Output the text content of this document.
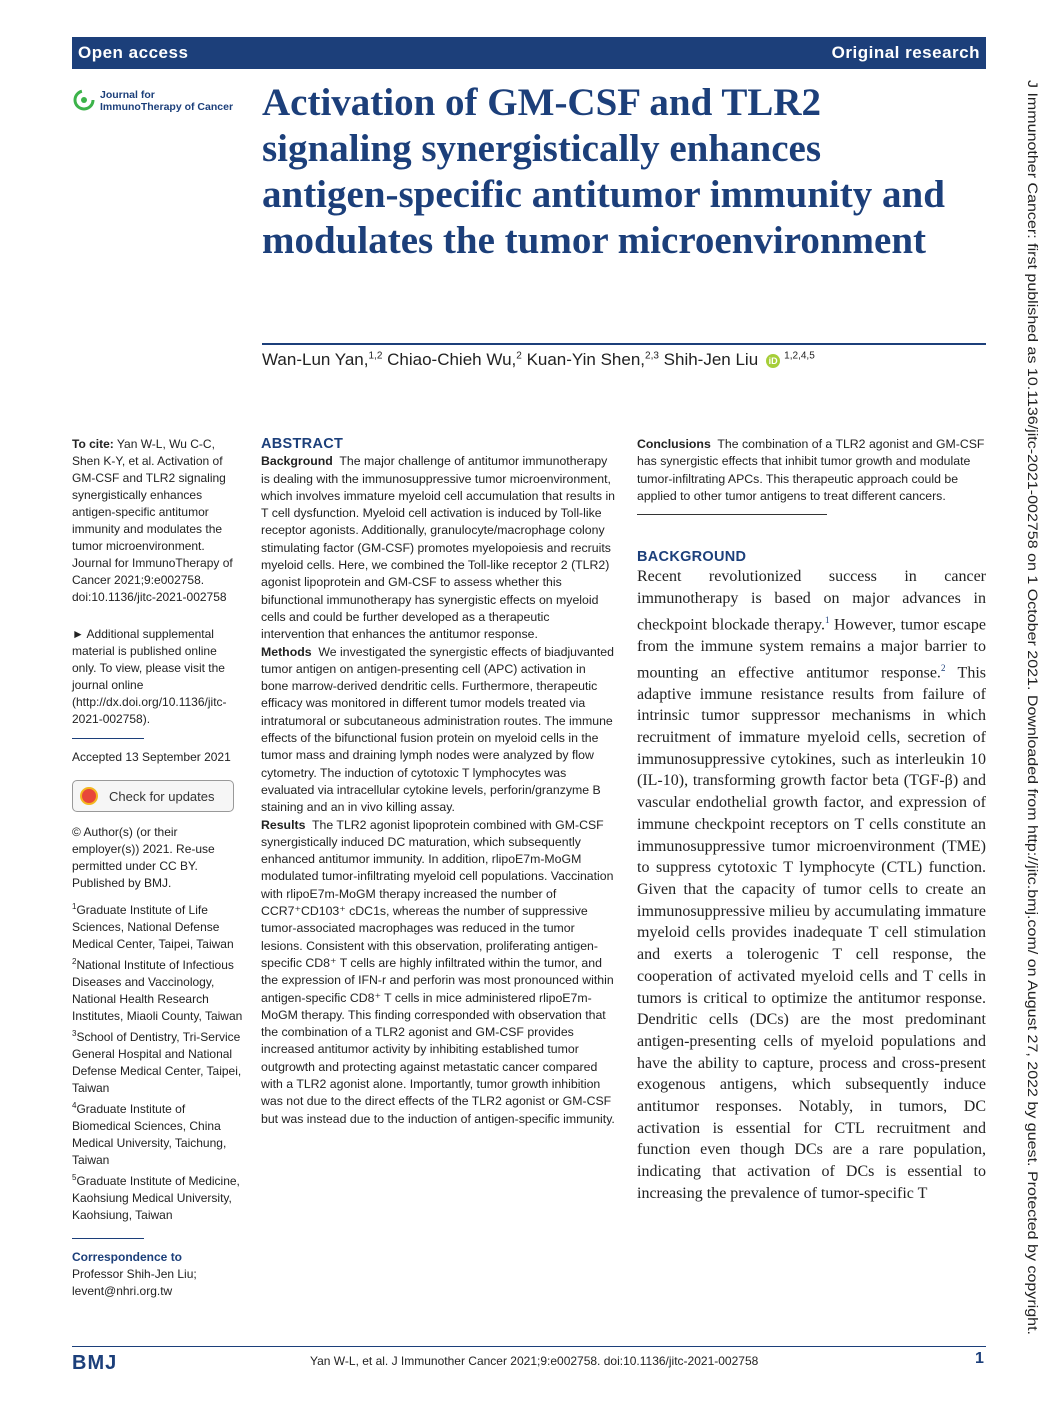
Open access	Original research
Journal for
ImmunoTherapy of Cancer Activation of GM-CSF and TLR2 signaling synergistically enhances antigen-specific antitumor immunity and modulates the tumor microenvironment
Wan-Lun Yan,$^{1,2}$ Chiao-Chieh Wu,$^2$ Kuan-Yin Shen,$^{2,3}$ Shih-Jen Liu iD $^{1,2,4,5}$

To cite: Yan W-L, Wu C-C, Shen K-Y, et al. Activation of GM-CSF and TLR2 signaling synergistically enhances antigen-specific antitumor immunity and modulates the tumor microenvironment. Journal for ImmunoTherapy of Cancer 2021;9:e002758. doi:10.1136/jitc-2021-002758

► Additional supplemental material is published online only. To view, please visit the journal online (http://dx.doi.org/10.1136/jitc-2021-002758).

Accepted 13 September 2021

Check for updates

© Author(s) (or their employer(s)) 2021. Re-use permitted under CC BY. Published by BMJ.

$^1$Graduate Institute of Life Sciences, National Defense Medical Center, Taipei, Taiwan

$^2$National Institute of Infectious Diseases and Vaccinology, National Health Research Institutes, Miaoli County, Taiwan

$^3$School of Dentistry, Tri-Service General Hospital and National Defense Medical Center, Taipei, Taiwan

$^4$Graduate Institute of Biomedical Sciences, China Medical University, Taichung, Taiwan

$^5$Graduate Institute of Medicine, Kaohsiung Medical University, Kaohsiung, Taiwan

Correspondence to

Professor Shih-Jen Liu;

levent@nhri.org.tw

ABSTRACT

Background The major challenge of antitumor immunotherapy is dealing with the immunosuppressive tumor microenvironment, which involves immature myeloid cell accumulation that results in T cell dysfunction. Myeloid cell activation is induced by Toll-like receptor agonists. Additionally, granulocyte/macrophage colony stimulating factor (GM-CSF) promotes myelopoiesis and recruits myeloid cells. Here, we combined the Toll-like receptor 2 (TLR2) agonist lipoprotein and GM-CSF to assess whether this bifunctional immunotherapy has synergistic effects on myeloid cells and could be further developed as a therapeutic intervention that enhances the antitumor response.

Methods We investigated the synergistic effects of biadjuvanted tumor antigen on antigen-presenting cell (APC) activation in bone marrow-derived dendritic cells. Furthermore, therapeutic efficacy was monitored in different tumor models treated via intratumoral or subcutaneous administration routes. The immune effects of the bifunctional fusion protein on myeloid cells in the tumor mass and draining lymph nodes were analyzed by flow cytometry. The induction of cytotoxic T lymphocytes was evaluated via intracellular cytokine levels, perforin/granzyme B staining and an in vivo killing assay.

Results The TLR2 agonist lipoprotein combined with GM-CSF synergistically induced DC maturation, which subsequently enhanced antitumor immunity. In addition, rlipoE7m-MoGM modulated tumor-infiltrating myeloid cell populations. Vaccination with rlipoE7m-MoGM therapy increased the number of CCR7⁺CD103⁺ cDC1s, whereas the number of suppressive tumor-associated macrophages was reduced in the tumor lesions. Consistent with this observation, proliferating antigen-specific CD8⁺ T cells are highly infiltrated within the tumor, and the expression of IFN-r and perforin was most pronounced within antigen-specific CD8⁺ T cells in mice administered rlipoE7m-MoGM therapy. This finding corresponded with observation that the combination of a TLR2 agonist and GM-CSF provides increased antitumor activity by inhibiting established tumor outgrowth and protecting against metastatic cancer compared with a TLR2 agonist alone. Importantly, tumor growth inhibition was not due to the direct effects of the TLR2 agonist or GM-CSF but was instead due to the induction of antigen-specific immunity.

Conclusions The combination of a TLR2 agonist and GM-CSF has synergistic effects that inhibit tumor growth and modulate tumor-infiltrating APCs. This therapeutic approach could be applied to other tumor antigens to treat different cancers.

BACKGROUND

Recent revolutionized success in cancer immunotherapy is based on major advances in checkpoint blockade therapy.$^1$ However, tumor escape from the immune system remains a major barrier to mounting an effective antitumor response.$^2$ This adaptive immune resistance results from failure of intrinsic tumor suppressor mechanisms in which recruitment of immature myeloid cells, secretion of immunosuppressive cytokines, such as interleukin 10 (IL-10), transforming growth factor beta (TGF-β) and vascular endothelial growth factor, and expression of immune checkpoint receptors on T cells constitute an immunosuppressive tumor microenvironment (TME) to suppress cytotoxic T lymphocyte (CTL) function. Given that the capacity of tumor cells to create an immunosuppressive milieu by accumulating immature myeloid cells provides inadequate T cell stimulation and exerts a tolerogenic T cell response, the cooperation of activated myeloid cells and T cells in tumors is critical to optimize the antitumor response. Dendritic cells (DCs) are the most predominant antigen-presenting cells of myeloid populations and have the ability to capture, process and cross-present exogenous antigens, which subsequently induce antitumor responses. Notably, in tumors, DC activation is essential for CTL recruitment and function even though DCs are a rare population, indicating that activation of DCs is essential to increasing the prevalence of tumor-specific T

J Immunother Cancer: first published as 10.1136/jitc-2021-002758 on 1 October 2021. Downloaded from http://jitc.bmj.com/ on August 27, 2022 by guest. Protected by copyright.
BMJ	Yan W-L, et al. J Immunother Cancer 2021;9:e002758. doi:10.1136/jitc-2021-002758	1
